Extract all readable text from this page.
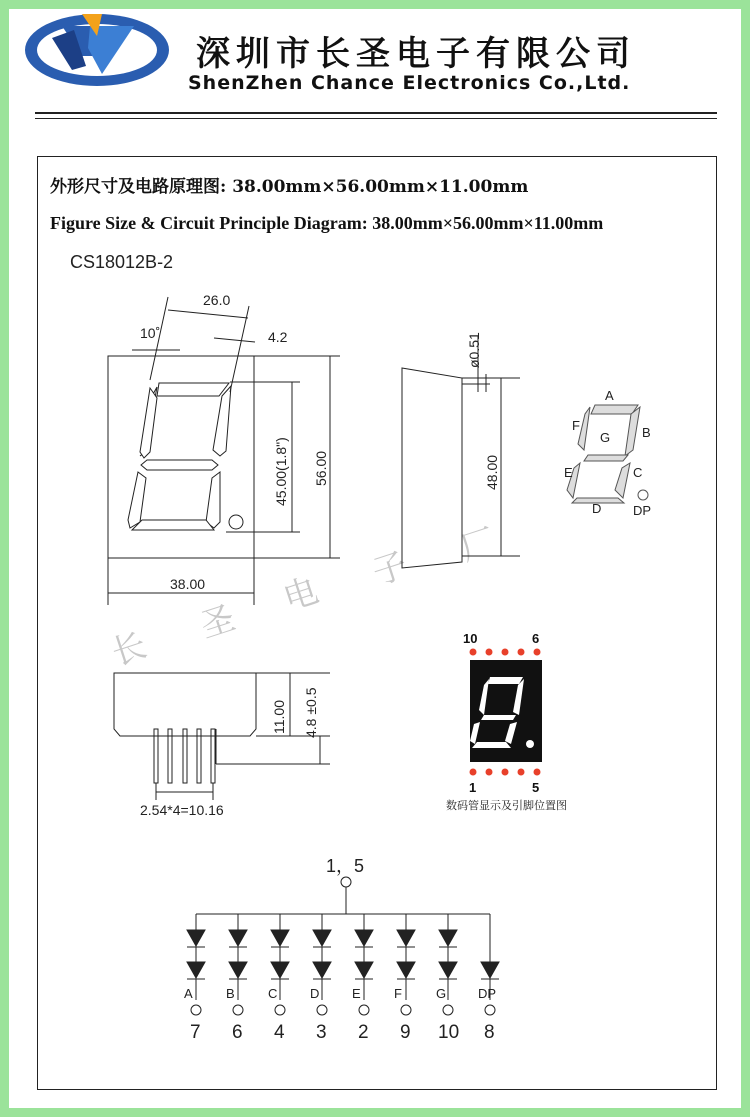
深圳市长圣电子有限公司
ShenZhen Chance Electronics Co.,Ltd.
外形尺寸及电路原理图: 38.00mm×56.00mm×11.00mm
Figure Size & Circuit Principle Diagram: 38.00mm×56.00mm×11.00mm
CS18012B-2
长
圣
电
子
厂
26.0
10˚	4.2
38.00
56.00
45.00(1.8")
ø0.51
48.00
A
B
C
D
E
F
G
DP
10	6
1	5
数码管显示及引脚位置图
11.00 4.8 ±0.5
2.54*4=10.16
1，5
A
7
B
6
C
4
D
3
E
2
F
9
G
10
DP
8
